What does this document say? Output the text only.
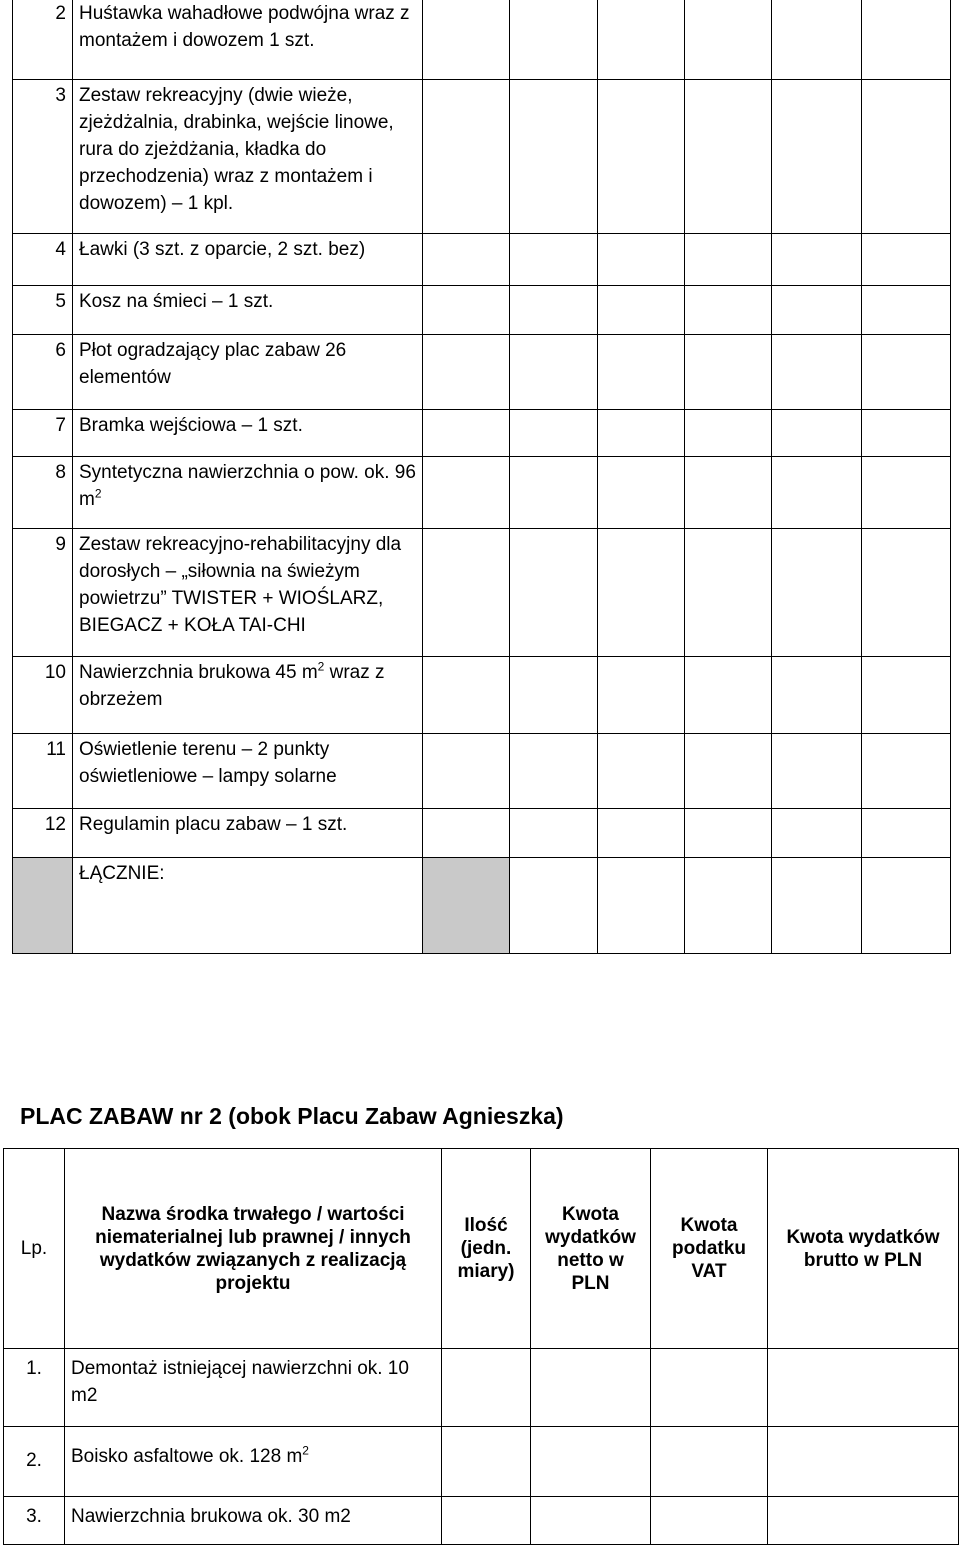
2	Huśtawka wahadłowe podwójna wraz z montażem i dowozem 1 szt.						
3	Zestaw rekreacyjny (dwie wieże, zjeżdżalnia, drabinka, wejście linowe, rura do zjeżdżania, kładka do przechodzenia) wraz z montażem i dowozem) – 1 kpl.						
4	Ławki (3 szt. z oparcie, 2 szt. bez)						
5	Kosz na śmieci – 1 szt.						
6	Płot ogradzający plac zabaw 26 elementów						
7	Bramka wejściowa – 1 szt.						
8	Syntetyczna nawierzchnia o pow. ok. 96 $m^2$						
9	Zestaw rekreacyjno-rehabilitacyjny dla dorosłych – „siłownia na świeżym powietrzu” TWISTER + WIOŚLARZ, BIEGACZ + KOŁA TAI-CHI						
10	Nawierzchnia brukowa 45 $m^2$ wraz z obrzeżem						
11	Oświetlenie terenu – 2 punkty oświetleniowe – lampy solarne						
12	Regulamin placu zabaw – 1 szt.						
	ŁĄCZNIE:						
PLAC ZABAW nr 2 (obok Placu Zabaw Agnieszka)
Lp.	Nazwa środka trwałego / wartości niematerialnej lub prawnej / innych wydatków związanych z realizacją projektu	Ilość (jedn. miary)	Kwota wydatków netto w PLN	Kwota podatku VAT	Kwota wydatków brutto w PLN
1.	Demontaż istniejącej nawierzchni ok. 10 m2				
2.	Boisko asfaltowe ok. 128 $m^2$				
3.	Nawierzchnia brukowa ok. 30 m2				
